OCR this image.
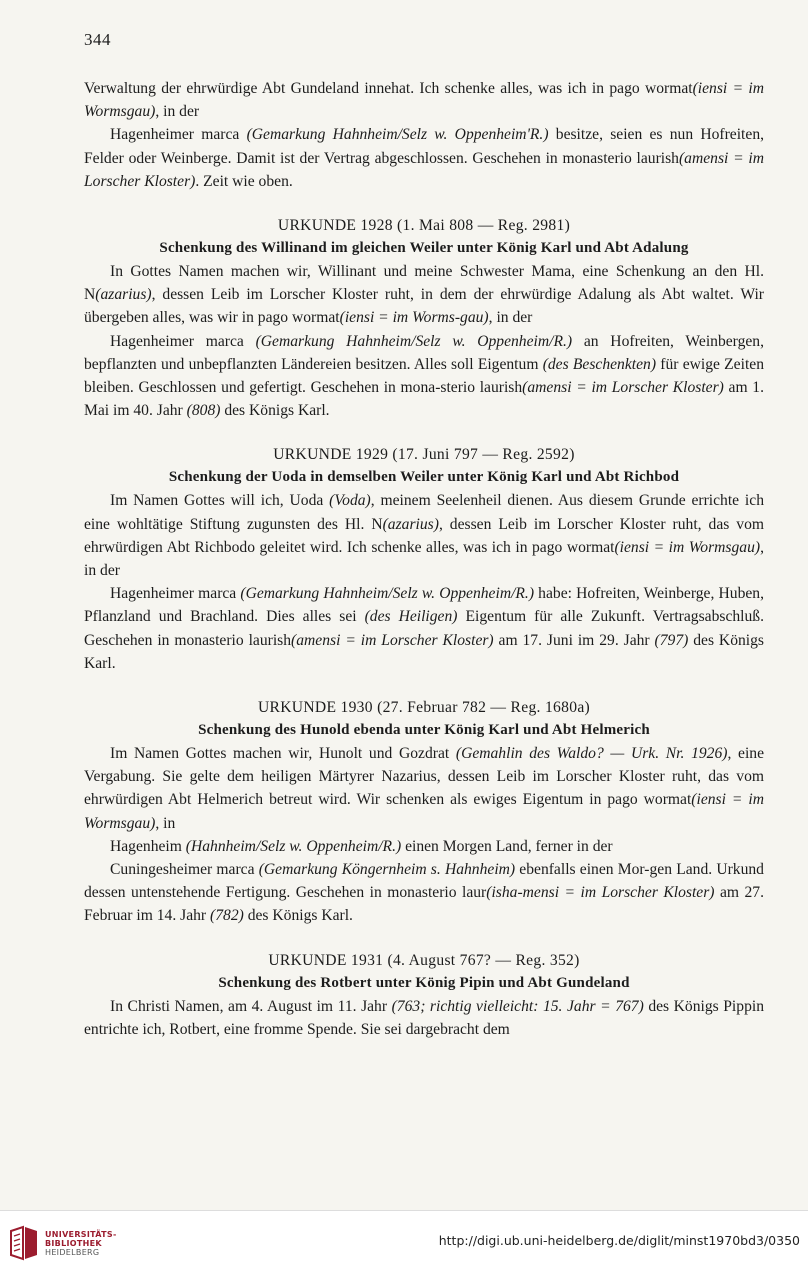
344

Verwaltung der ehrwürdige Abt Gundeland innehat. Ich schenke alles, was ich in pago wormat(iensi = im Wormsgau), in der

Hagenheimer marca (Gemarkung Hahnheim/Selz w. Oppenheim'R.) besitze, seien es nun Hofreiten, Felder oder Weinberge. Damit ist der Vertrag abgeschlossen. Geschehen in monasterio laurish(amensi = im Lorscher Kloster). Zeit wie oben.

URKUNDE 1928 (1. Mai 808 — Reg. 2981)
Schenkung des Willinand im gleichen Weiler unter König Karl und Abt Adalung

In Gottes Namen machen wir, Willinant und meine Schwester Mama, eine Schenkung an den Hl. N(azarius), dessen Leib im Lorscher Kloster ruht, in dem der ehrwürdige Adalung als Abt waltet. Wir übergeben alles, was wir in pago wormat(iensi = im Worms-gau), in der

Hagenheimer marca (Gemarkung Hahnheim/Selz w. Oppenheim/R.) an Hofreiten, Weinbergen, bepflanzten und unbepflanzten Ländereien besitzen. Alles soll Eigentum (des Beschenkten) für ewige Zeiten bleiben. Geschlossen und gefertigt. Geschehen in mona-sterio laurish(amensi = im Lorscher Kloster) am 1. Mai im 40. Jahr (808) des Königs Karl.

URKUNDE 1929 (17. Juni 797 — Reg. 2592)
Schenkung der Uoda in demselben Weiler unter König Karl und Abt Richbod

Im Namen Gottes will ich, Uoda (Voda), meinem Seelenheil dienen. Aus diesem Grunde errichte ich eine wohltätige Stiftung zugunsten des Hl. N(azarius), dessen Leib im Lorscher Kloster ruht, das vom ehrwürdigen Abt Richbodo geleitet wird. Ich schenke alles, was ich in pago wormat(iensi = im Wormsgau), in der

Hagenheimer marca (Gemarkung Hahnheim/Selz w. Oppenheim/R.) habe: Hofreiten, Weinberge, Huben, Pflanzland und Brachland. Dies alles sei (des Heiligen) Eigentum für alle Zukunft. Vertragsabschluß. Geschehen in monasterio laurish(amensi = im Lorscher Kloster) am 17. Juni im 29. Jahr (797) des Königs Karl.

URKUNDE 1930 (27. Februar 782 — Reg. 1680a)
Schenkung des Hunold ebenda unter König Karl und Abt Helmerich

Im Namen Gottes machen wir, Hunolt und Gozdrat (Gemahlin des Waldo? — Urk. Nr. 1926), eine Vergabung. Sie gelte dem heiligen Märtyrer Nazarius, dessen Leib im Lorscher Kloster ruht, das vom ehrwürdigen Abt Helmerich betreut wird. Wir schenken als ewiges Eigentum in pago wormat(iensi = im Wormsgau), in

Hagenheim (Hahnheim/Selz w. Oppenheim/R.) einen Morgen Land, ferner in der

Cuningesheimer marca (Gemarkung Köngernheim s. Hahnheim) ebenfalls einen Mor-gen Land. Urkund dessen untenstehende Fertigung. Geschehen in monasterio laur(isha-mensi = im Lorscher Kloster) am 27. Februar im 14. Jahr (782) des Königs Karl.

URKUNDE 1931 (4. August 767? — Reg. 352)
Schenkung des Rotbert unter König Pipin und Abt Gundeland

In Christi Namen, am 4. August im 11. Jahr (763; richtig vielleicht: 15. Jahr = 767) des Königs Pippin entrichte ich, Rotbert, eine fromme Spende. Sie sei dargebracht dem

UNIVERSITÄTS-
BIBLIOTHEK
HEIDELBERG
http://digi.ub.uni-heidelberg.de/diglit/minst1970bd3/0350
